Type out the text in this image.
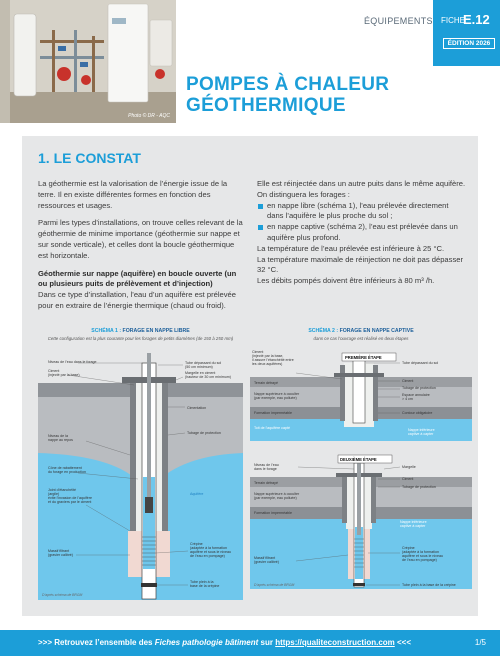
Photo © DR - AQC
ÉQUIPEMENTS FICHE
E.12
ÉDITION 2026
POMPES À CHALEUR
GÉOTHERMIQUE
1. LE CONSTAT

La géothermie est la valorisation de l’énergie issue de la terre. Il en existe différentes formes en fonction des ressources et usages.

Parmi les types d’installations, on trouve celles relevant de la géothermie de minime importance (géothermie sur nappe et sur sonde verticale), et celles dont la boucle géothermique est horizontale.

Géothermie sur nappe (aquifère) en boucle ouverte (un ou plusieurs puits de prélèvement et d’injection)

Dans ce type d’installation, l’eau d’un aquifère est prélevée pour en extraire de l’énergie thermique (chaud ou froid).

Elle est réinjectée dans un autre puits dans le même aquifère. On distinguera les forages :

en nappe libre (schéma 1), l’eau prélevée directement dans l’aquifère le plus proche du sol ;
en nappe captive (schéma 2), l’eau est prélevée dans un aquifère plus profond.

La température de l’eau prélevée est inférieure à 25 °C.

La température maximale de réinjection ne doit pas dépasser 32 °C.

Les débits pompés doivent être inférieurs à 80 m³ /h.

SCHÉMA 1 : FORAGE EN NAPPE LIBRE
Cette configuration est la plus courante pour les forages de petits diamètres (de 150 à 250 mm)
Niveau de l’eau dans le forage
Ciment
(injecté par la base)
Tube dépassant du sol
(50 cm minimum)
Margelle en ciment
(hauteur de 30 cm minimum)
Cimentation
Niveau de la
nappe au repos
Tubage de protection
Cône de rabattement
du forage en production
Joint d’étanchéité
(argile)
évite l’invasion de l’aquifère
et du graviers par le ciment
Aquifère
Massif filtrant
(gravier calibré)
Crépine
(adaptée à la formation
aquifère et sous le niveau
de l’eau en pompage)
Tube plein à la
base de la crépine
D’après schéma de BRGM
SCHÉMA 2 : FORAGE EN NAPPE CAPTIVE
dans ce cas l’ouvrage est réalisé en deux étapes
PREMIÈRE ÉTAPE
Ciment
(injecté par la base,
il assure l’étanchéité entre
les deux aquifères)	Tube dépassant du sol
Terrain détrayé
Nappe supérieure à occulter
(par exemple, eau polluée)
Formation imperméable
Toit de l’aquifère capté
Ciment
Tubage de protection
Espace annulaire
> 4 cm
Contour obligatoire
Nappe inférieure
captive à capter
DEUXIÈME ÉTAPE
Niveau de l’eau
dans le forage	Margelle
Ciment
Tubage de protection
Terrain détrayé
Nappe supérieure à occulter
(par exemple, eau polluée)
Formation imperméable
Nappe inférieure
captive à capter
Massif filtrant
(gravier calibré)
Crépine
(adaptée à la formation
aquifère et sous le niveau
de l’eau en pompage)
Tube plein à la base de la crépine
D’après schéma de BRGM
>>> Retrouvez l’ensemble des Fiches pathologie bâtiment sur https://qualiteconstruction.com <<<	1/5
